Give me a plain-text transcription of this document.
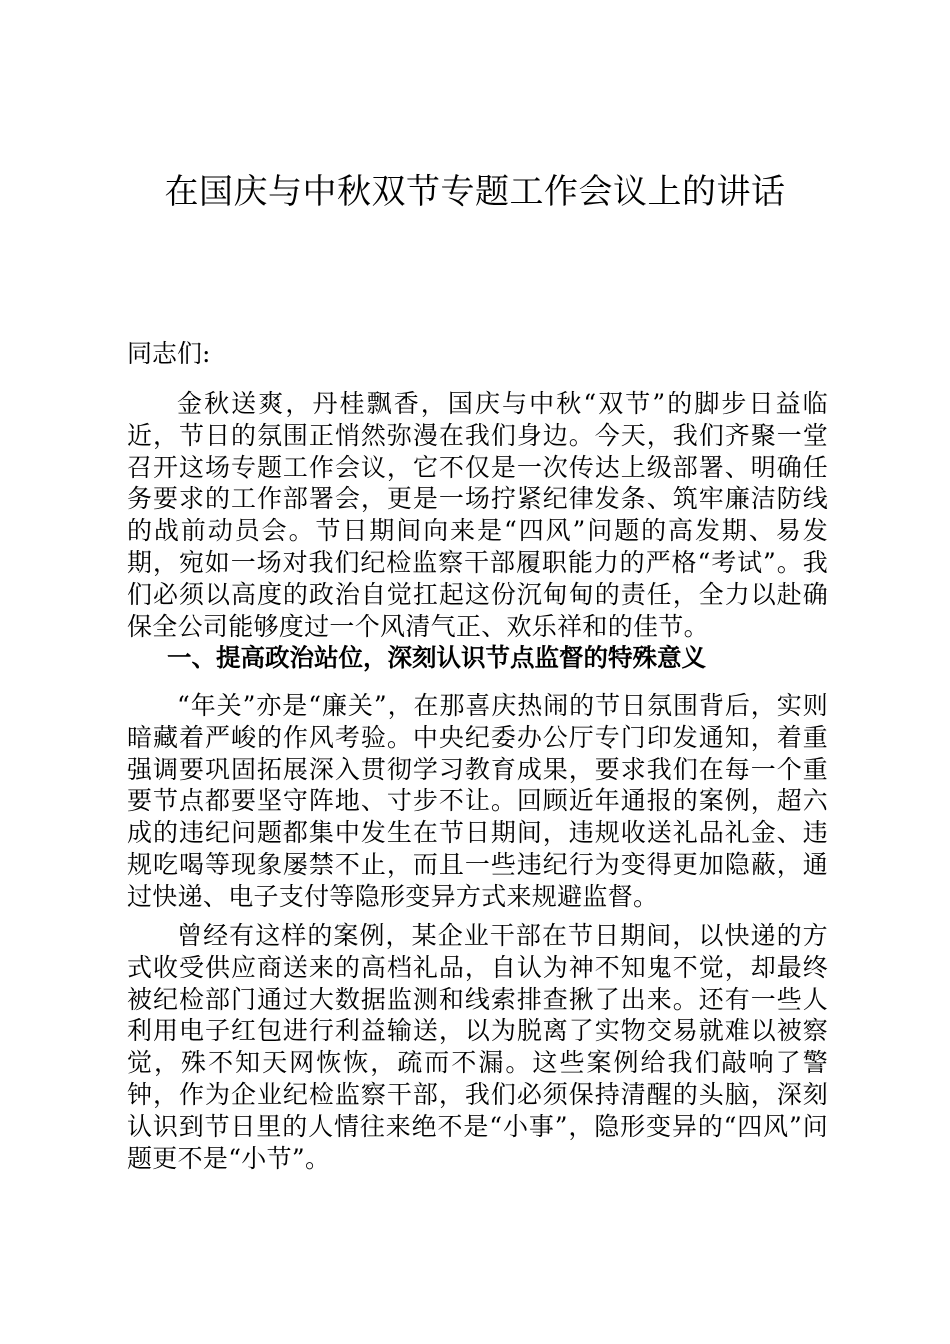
在国庆与中秋双节专题工作会议上的讲话

同志们:

金秋送爽，丹桂飘香，国庆与中秋“双节”的脚步日益临近，节日的氛围正悄然弥漫在我们身边。今天，我们齐聚一堂召开这场专题工作会议，它不仅是一次传达上级部署、明确任务要求的工作部署会，更是一场拧紧纪律发条、筑牢廉洁防线的战前动员会。节日期间向来是“四风”问题的高发期、易发期，宛如一场对我们纪检监察干部履职能力的严格“考试”。我们必须以高度的政治自觉扛起这份沉甸甸的责任，全力以赴确保全公司能够度过一个风清气正、欢乐祥和的佳节。

一、提高政治站位，深刻认识节点监督的特殊意义

“年关”亦是“廉关”，在那喜庆热闹的节日氛围背后，实则暗藏着严峻的作风考验。中央纪委办公厅专门印发通知，着重强调要巩固拓展深入贯彻学习教育成果，要求我们在每一个重要节点都要坚守阵地、寸步不让。回顾近年通报的案例，超六成的违纪问题都集中发生在节日期间，违规收送礼品礼金、违规吃喝等现象屡禁不止，而且一些违纪行为变得更加隐蔽，通过快递、电子支付等隐形变异方式来规避监督。

曾经有这样的案例，某企业干部在节日期间，以快递的方式收受供应商送来的高档礼品，自认为神不知鬼不觉，却最终被纪检部门通过大数据监测和线索排查揪了出来。还有一些人利用电子红包进行利益输送，以为脱离了实物交易就难以被察觉，殊不知天网恢恢，疏而不漏。这些案例给我们敲响了警钟，作为企业纪检监察干部，我们必须保持清醒的头脑，深刻认识到节日里的人情往来绝不是“小事”，隐形变异的“四风”问题更不是“小节”。
